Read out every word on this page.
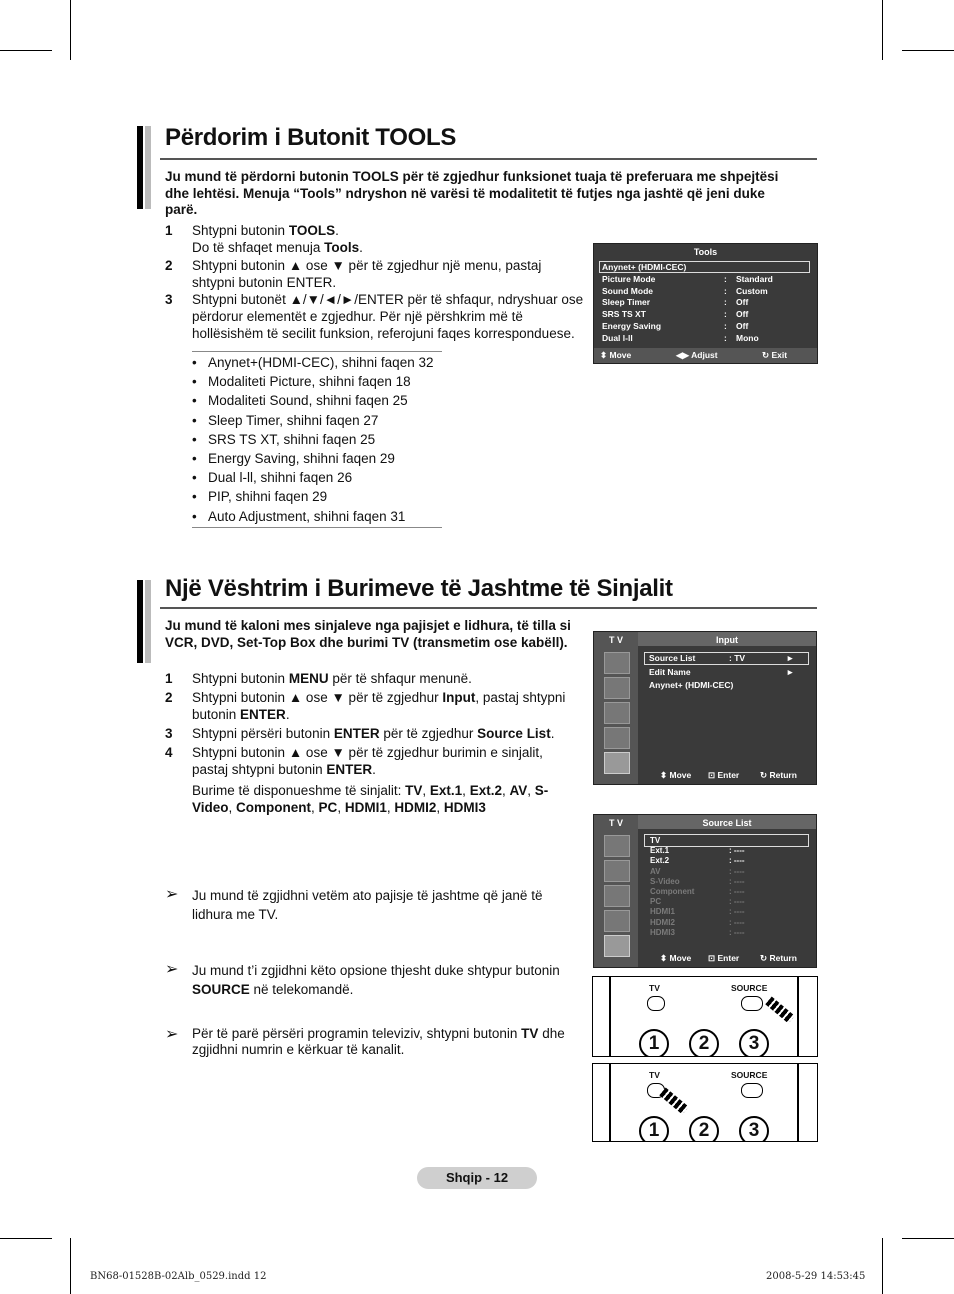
Përdorim i Butonit TOOLS
Ju mund të përdorni butonin TOOLS për të zgjedhur funksionet tuaja të preferuara me shpejtësi dhe lehtësi. Menuja “Tools” ndryshon në varësi të modalitetit të futjes nga jashtë që jeni duke parë.
1 Shtypni butonin TOOLS.
Do të shfaqet menuja Tools.
2 Shtypni butonin ▲ ose ▼ për të zgjedhur një menu, pastaj shtypni butonin ENTER.
3 Shtypni butonët ▲/▼/◄/►/ENTER për të shfaqur, ndryshuar ose përdorur elementët e zgjedhur. Për një përshkrim më të hollësishëm të secilit funksion, referojuni faqes korresponduese.
• Anynet+(HDMI-CEC), shihni faqen 32
• Modaliteti Picture, shihni faqen 18
• Modaliteti Sound, shihni faqen 25
• Sleep Timer, shihni faqen 27
• SRS TS XT, shihni faqen 25
• Energy Saving, shihni faqen 29
• Dual l-ll, shihni faqen 26
• PIP, shihni faqen 29
• Auto Adjustment, shihni faqen 31
Tools
Anynet+ (HDMI-CEC)
Picture Mode	: Standard
Sound Mode	: Custom
Sleep Timer	: Off
SRS TS XT	: Off
Energy Saving	: Off
Dual l-ll	: Mono
⬍ Move	◀▶ Adjust	↻ Exit
Një Vështrim i Burimeve të Jashtme të Sinjalit
Ju mund të kaloni mes sinjaleve nga pajisjet e lidhura, të tilla si VCR, DVD, Set-Top Box dhe burimi TV (transmetim ose kabëll).
1 Shtypni butonin MENU për të shfaqur menunë.
2 Shtypni butonin ▲ ose ▼ për të zgjedhur Input, pastaj shtypni butonin ENTER.
3 Shtypni përsëri butonin ENTER për të zgjedhur Source List.
4 Shtypni butonin ▲ ose ▼ për të zgjedhur burimin e sinjalit, pastaj shtypni butonin ENTER.

Burime të disponueshme të sinjalit: TV, Ext.1, Ext.2, AV, S-Video, Component, PC, HDMI1, HDMI2, HDMI3
➢ Ju mund të zgjidhni vetëm ato pajisje të jashtme që janë të lidhura me TV.
➢ Ju mund t’i zgjidhni këto opsione thjesht duke shtypur butonin SOURCE në telekomandë.
➢ Për të parë përsëri programin televiziv, shtypni butonin TV dhe zgjidhni numrin e kërkuar të kanalit.
T V	Input
Source List	: TV	►
Edit Name	►
Anynet+ (HDMI-CEC)
⬍ Move ⊡ Enter ↻ Return
T V	Source List
TV
Ext.1	: ----
Ext.2	: ----
AV	: ----
S-Video	: ----
Component	: ----
PC	: ----
HDMI1	: ----
HDMI2	: ----
HDMI3	: ----
⬍ Move ⊡ Enter ↻ Return
TV	SOURCE
1	2	3
TV	SOURCE
1	2	3
Shqip - 12
BN68-01528B-02Alb_0529.indd 12	2008-5-29 14:53:45
